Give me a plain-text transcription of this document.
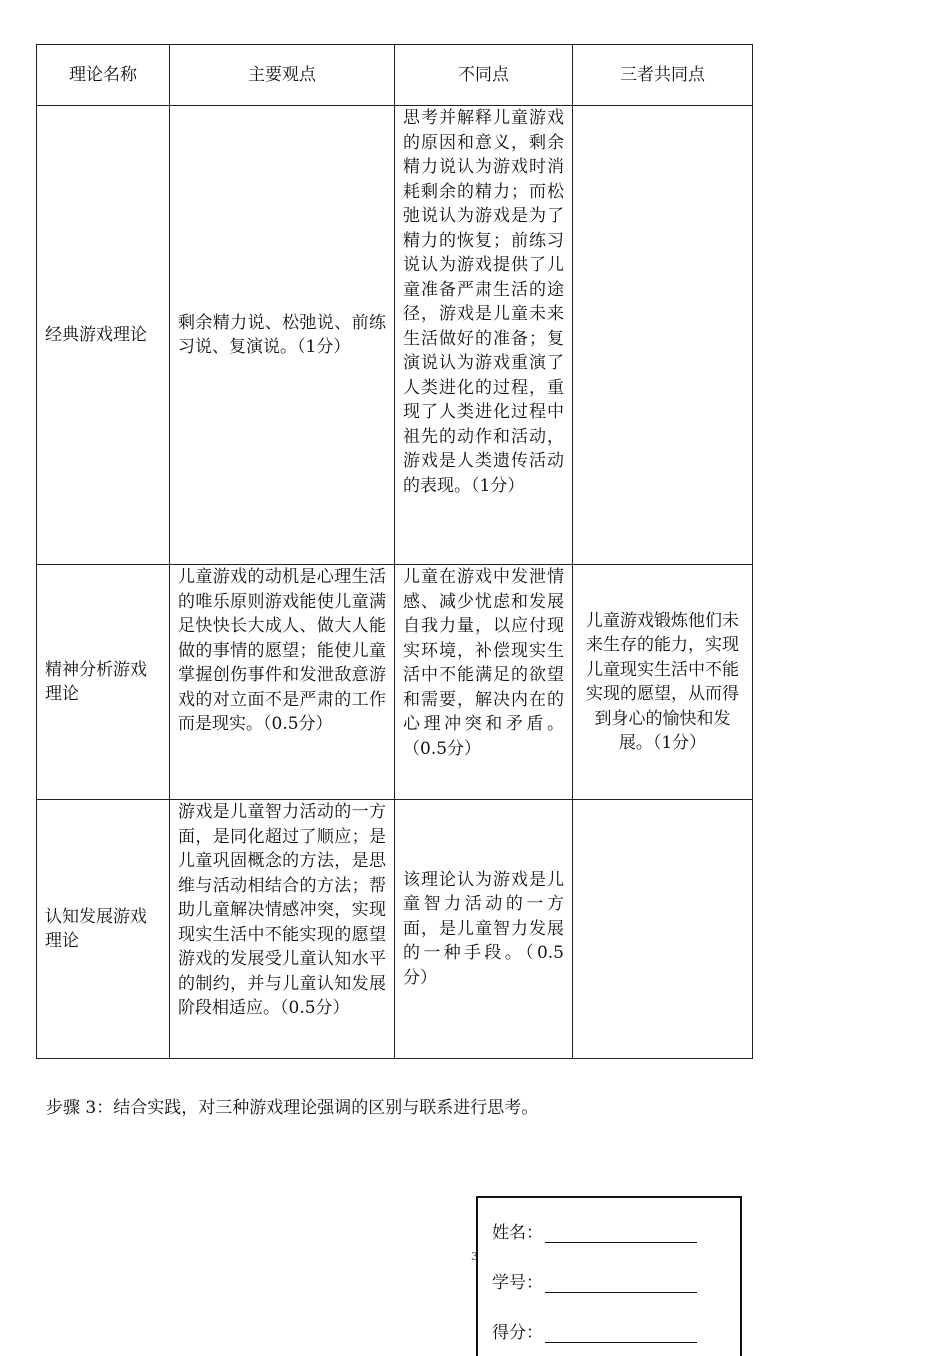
理论名称	主要观点	不同点	三者共同点
经典游戏理论	剩余精力说、松弛说、前练习说、复演说。（1分）	思考并解释儿童游戏的原因和意义，剩余精力说认为游戏时消耗剩余的精力；而松弛说认为游戏是为了精力的恢复；前练习说认为游戏提供了儿童准备严肃生活的途径，游戏是儿童未来生活做好的准备；复演说认为游戏重演了人类进化的过程，重现了人类进化过程中祖先的动作和活动，游戏是人类遗传活动的表现。（1分）	
精神分析游戏理论	儿童游戏的动机是心理生活的唯乐原则游戏能使儿童满足快快长大成人、做大人能做的事情的愿望；能使儿童掌握创伤事件和发泄敌意游戏的对立面不是严肃的工作而是现实。（0.5分）	儿童在游戏中发泄情感、减少忧虑和发展自我力量，以应付现实环境，补偿现实生活中不能满足的欲望和需要，解决内在的心理冲突和矛盾。（0.5分）	儿童游戏锻炼他们未来生存的能力，实现儿童现实生活中不能实现的愿望，从而得到身心的愉快和发展。（1分）
认知发展游戏理论	游戏是儿童智力活动的一方面，是同化超过了顺应；是儿童巩固概念的方法，是思维与活动相结合的方法；帮助儿童解决情感冲突，实现现实生活中不能实现的愿望游戏的发展受儿童认知水平的制约，并与儿童认知发展阶段相适应。（0.5分）	该理论认为游戏是儿童智力活动的一方面，是儿童智力发展的一种手段。（0.5分）	
步骤 3：结合实践，对三种游戏理论强调的区别与联系进行思考。
3
姓名：
学号：
得分：
